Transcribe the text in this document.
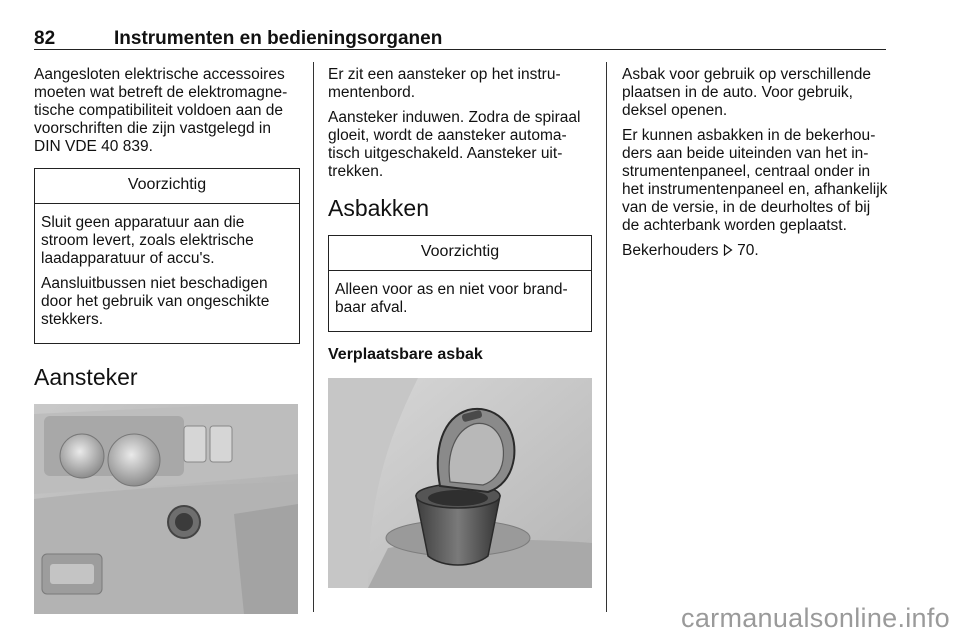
82	Instrumenten en bedieningsorganen

Aangesloten elektrische accessoires moeten wat betreft de elektromagnetische compatibiliteit voldoen aan de voorschriften die zijn vastgelegd in DIN VDE 40 839.

Voorzichtig

Sluit geen apparatuur aan die stroom levert, zoals elektrische laadapparatuur of accu's.

Aansluitbussen niet beschadigen door het gebruik van ongeschikte stekkers.

Aansteker

Er zit een aansteker op het instrumentenbord.

Aansteker induwen. Zodra de spiraal gloeit, wordt de aansteker automatisch uitgeschakeld. Aansteker uittrekken.

Asbakken
Voorzichtig

Alleen voor as en niet voor brandbaar afval.

Verplaatsbare asbak

Asbak voor gebruik op verschillende plaatsen in de auto. Voor gebruik, deksel openen.

Er kunnen asbakken in de bekerhouders aan beide uiteinden van het instrumentenpaneel, centraal onder in het instrumentenpaneel en, afhankelijk van de versie, in de deurholtes of bij de achterbank worden geplaatst.

Bekerhouders 70.

carmanualsonline.info
